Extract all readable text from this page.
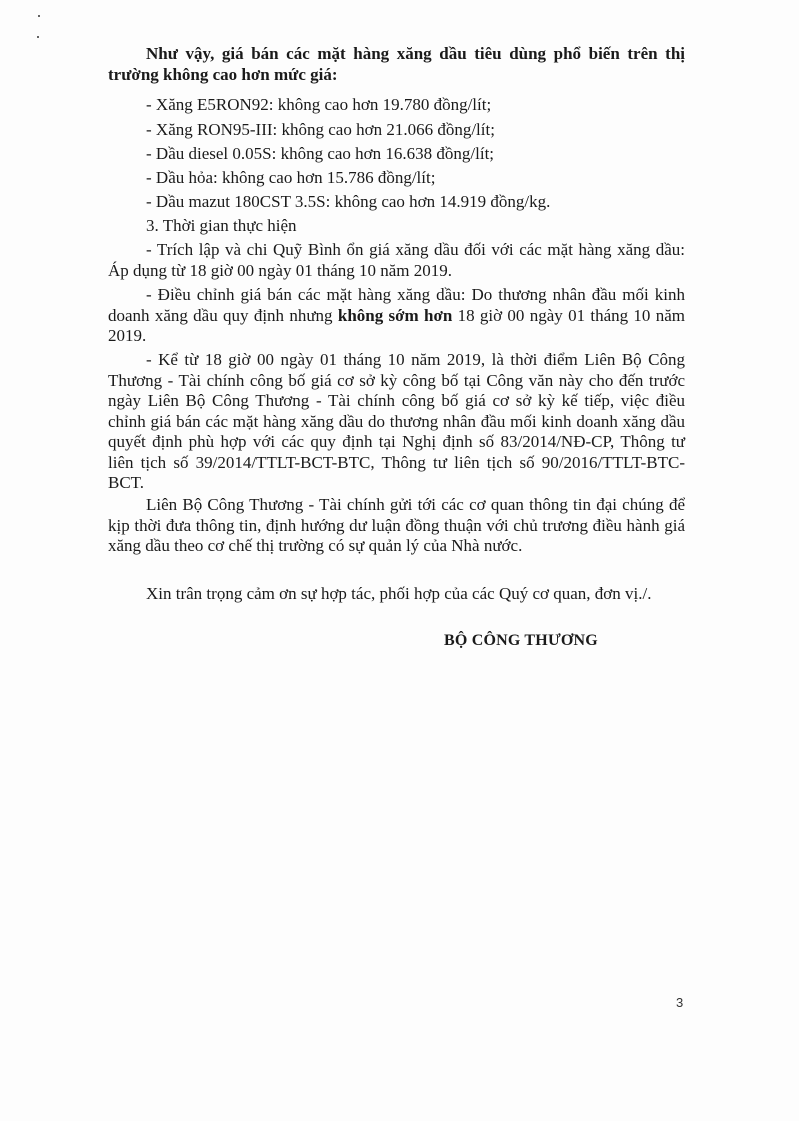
Như vậy, giá bán các mặt hàng xăng dầu tiêu dùng phổ biến trên thị trường không cao hơn mức giá:

- Xăng E5RON92: không cao hơn 19.780 đồng/lít;

- Xăng RON95-III: không cao hơn 21.066 đồng/lít;

- Dầu diesel 0.05S: không cao hơn 16.638 đồng/lít;

- Dầu hỏa: không cao hơn 15.786 đồng/lít;

- Dầu mazut 180CST 3.5S: không cao hơn 14.919 đồng/kg.

3. Thời gian thực hiện

- Trích lập và chi Quỹ Bình ổn giá xăng dầu đối với các mặt hàng xăng dầu: Áp dụng từ 18 giờ 00 ngày 01 tháng 10 năm 2019.

- Điều chỉnh giá bán các mặt hàng xăng dầu: Do thương nhân đầu mối kinh doanh xăng dầu quy định nhưng không sớm hơn 18 giờ 00 ngày 01 tháng 10 năm 2019.

- Kể từ 18 giờ 00 ngày 01 tháng 10 năm 2019, là thời điểm Liên Bộ Công Thương - Tài chính công bố giá cơ sở kỳ công bố tại Công văn này cho đến trước ngày Liên Bộ Công Thương - Tài chính công bố giá cơ sở kỳ kế tiếp, việc điều chỉnh giá bán các mặt hàng xăng dầu do thương nhân đầu mối kinh doanh xăng dầu quyết định phù hợp với các quy định tại Nghị định số 83/2014/NĐ-CP, Thông tư liên tịch số 39/2014/TTLT-BCT-BTC, Thông tư liên tịch số 90/2016/TTLT-BTC-BCT.

Liên Bộ Công Thương - Tài chính gửi tới các cơ quan thông tin đại chúng để kịp thời đưa thông tin, định hướng dư luận đồng thuận với chủ trương điều hành giá xăng dầu theo cơ chế thị trường có sự quản lý của Nhà nước.

Xin trân trọng cảm ơn sự hợp tác, phối hợp của các Quý cơ quan, đơn vị./.

BỘ CÔNG THƯƠNG
3
